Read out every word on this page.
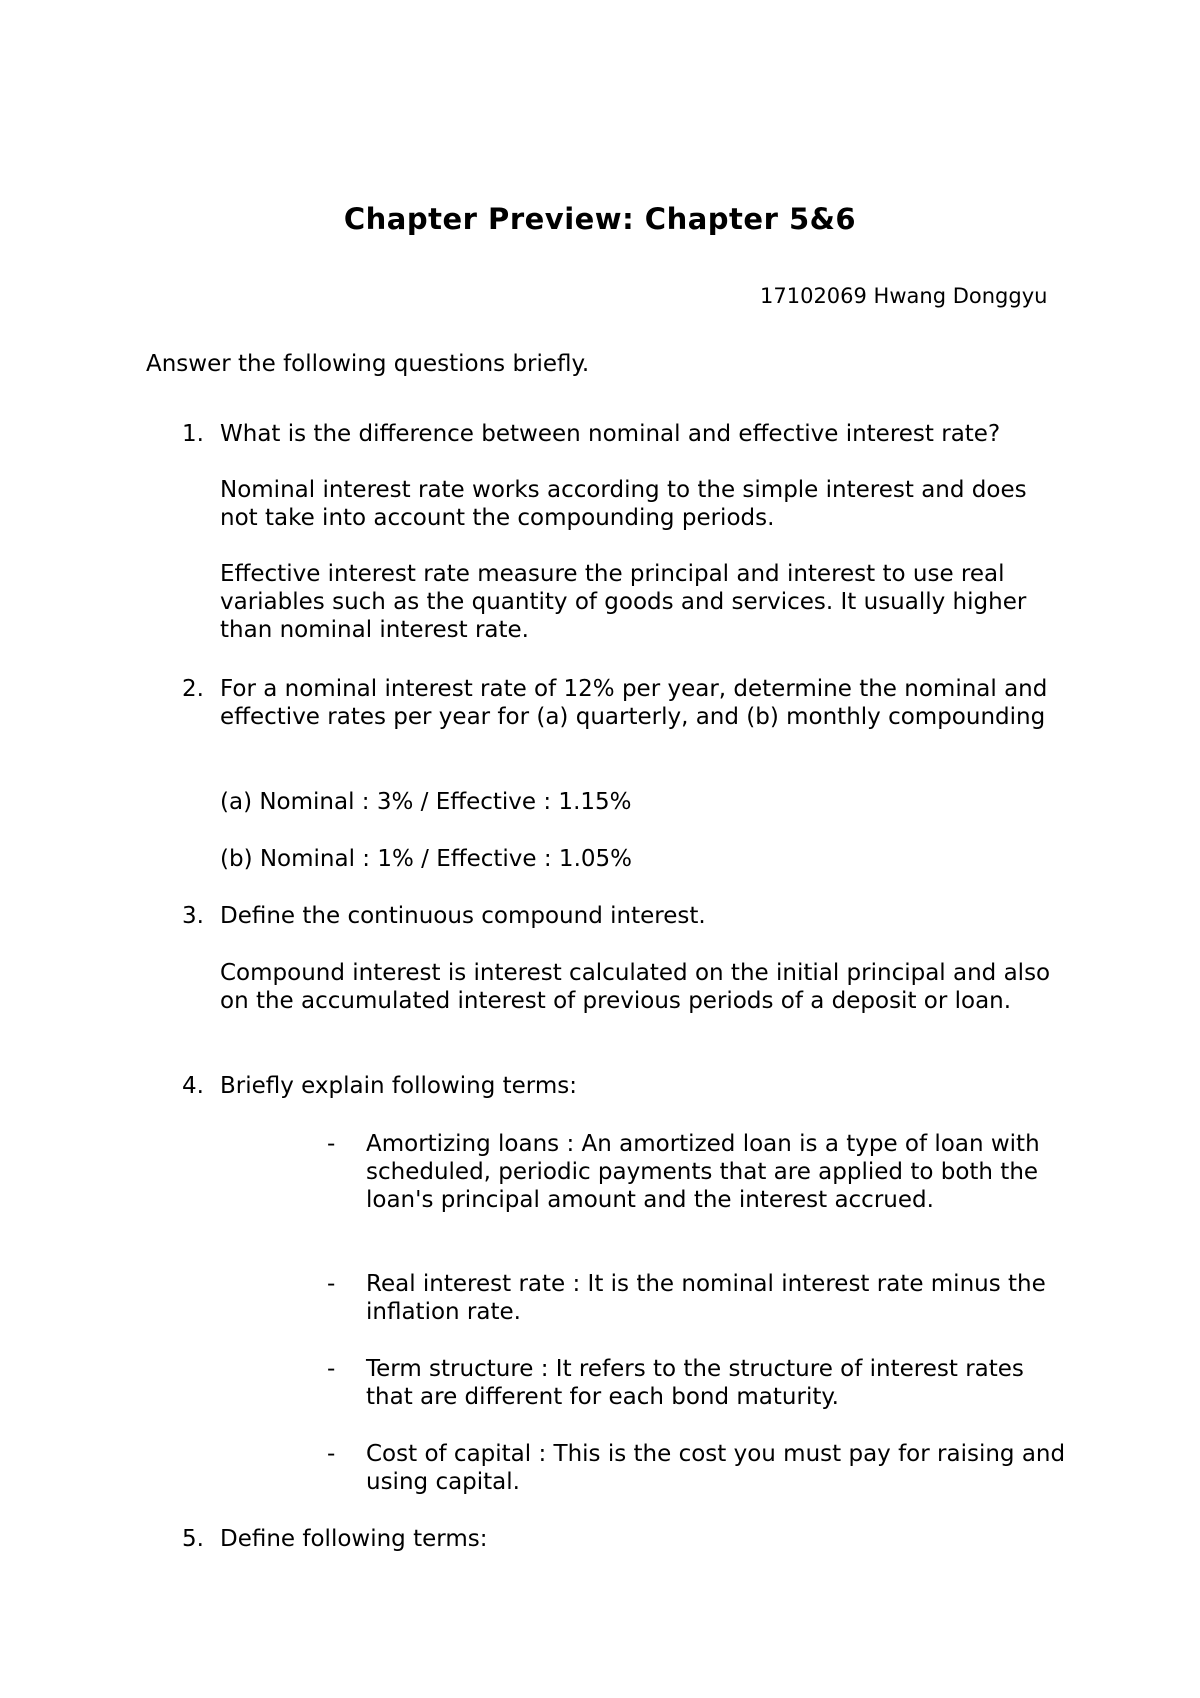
Chapter Preview: Chapter 5&6
17102069 Hwang Donggyu
Answer the following questions briefly.
1. What is the difference between nominal and effective interest rate?
Nominal interest rate works according to the simple interest and does not take into account the compounding periods.
Effective interest rate measure the principal and interest to use real variables such as the quantity of goods and services. It usually higher than nominal interest rate.
2. For a nominal interest rate of 12% per year, determine the nominal and effective rates per year for (a) quarterly, and (b) monthly compounding
(a) Nominal : 3% / Effective : 1.15%
(b) Nominal : 1% / Effective : 1.05%
3. Define the continuous compound interest.
Compound interest is interest calculated on the initial principal and also on the accumulated interest of previous periods of a deposit or loan.
4. Briefly explain following terms:
- Amortizing loans : An amortized loan is a type of loan with scheduled, periodic payments that are applied to both the loan's principal amount and the interest accrued.
- Real interest rate : It is the nominal interest rate minus the inflation rate.
- Term structure : It refers to the structure of interest rates that are different for each bond maturity.
- Cost of capital : This is the cost you must pay for raising and using capital.
5. Define following terms:
